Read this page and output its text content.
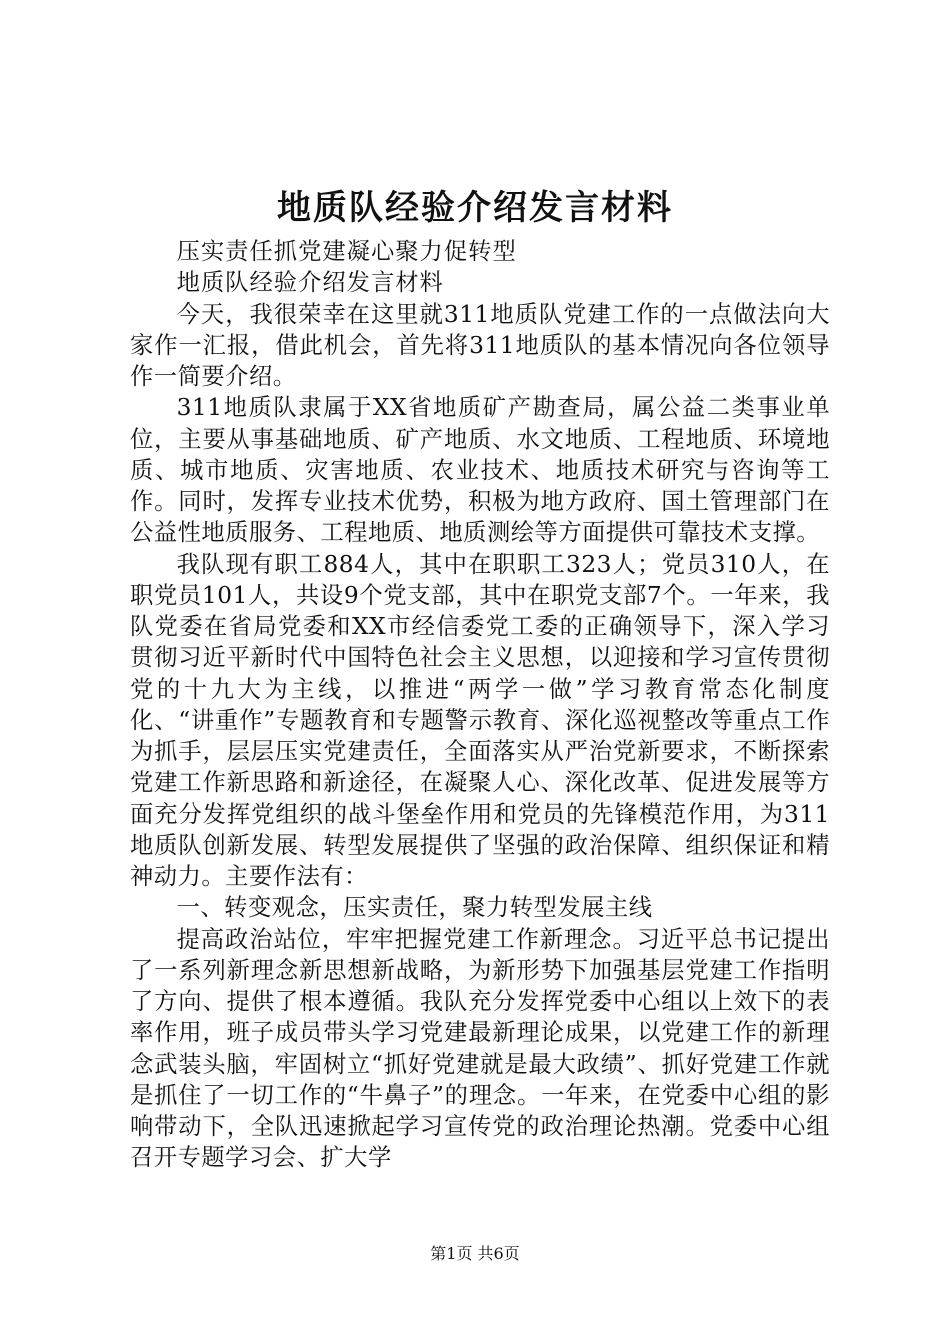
地质队经验介绍发言材料

压实责任抓党建凝心聚力促转型

地质队经验介绍发言材料

今天，我很荣幸在这里就311地质队党建工作的一点做法向大家作一汇报，借此机会，首先将311地质队的基本情况向各位领导作一简要介绍。

311地质队隶属于XX省地质矿产勘查局，属公益二类事业单位，主要从事基础地质、矿产地质、水文地质、工程地质、环境地质、城市地质、灾害地质、农业技术、地质技术研究与咨询等工作。同时，发挥专业技术优势，积极为地方政府、国土管理部门在公益性地质服务、工程地质、地质测绘等方面提供可靠技术支撑。

我队现有职工884人，其中在职职工323人；党员310人，在职党员101人，共设9个党支部，其中在职党支部7个。一年来，我队党委在省局党委和XX市经信委党工委的正确领导下，深入学习贯彻习近平新时代中国特色社会主义思想，以迎接和学习宣传贯彻党的十九大为主线，以推进“两学一做”学习教育常态化制度化、“讲重作”专题教育和专题警示教育、深化巡视整改等重点工作为抓手，层层压实党建责任，全面落实从严治党新要求，不断探索党建工作新思路和新途径，在凝聚人心、深化改革、促进发展等方面充分发挥党组织的战斗堡垒作用和党员的先锋模范作用，为311地质队创新发展、转型发展提供了坚强的政治保障、组织保证和精神动力。主要作法有：

一、转变观念，压实责任，聚力转型发展主线

提高政治站位，牢牢把握党建工作新理念。习近平总书记提出了一系列新理念新思想新战略，为新形势下加强基层党建工作指明了方向、提供了根本遵循。我队充分发挥党委中心组以上效下的表率作用，班子成员带头学习党建最新理论成果，以党建工作的新理念武装头脑，牢固树立“抓好党建就是最大政绩”、抓好党建工作就是抓住了一切工作的“牛鼻子”的理念。一年来，在党委中心组的影响带动下，全队迅速掀起学习宣传党的政治理论热潮。党委中心组召开专题学习会、扩大学

第1页 共6页
